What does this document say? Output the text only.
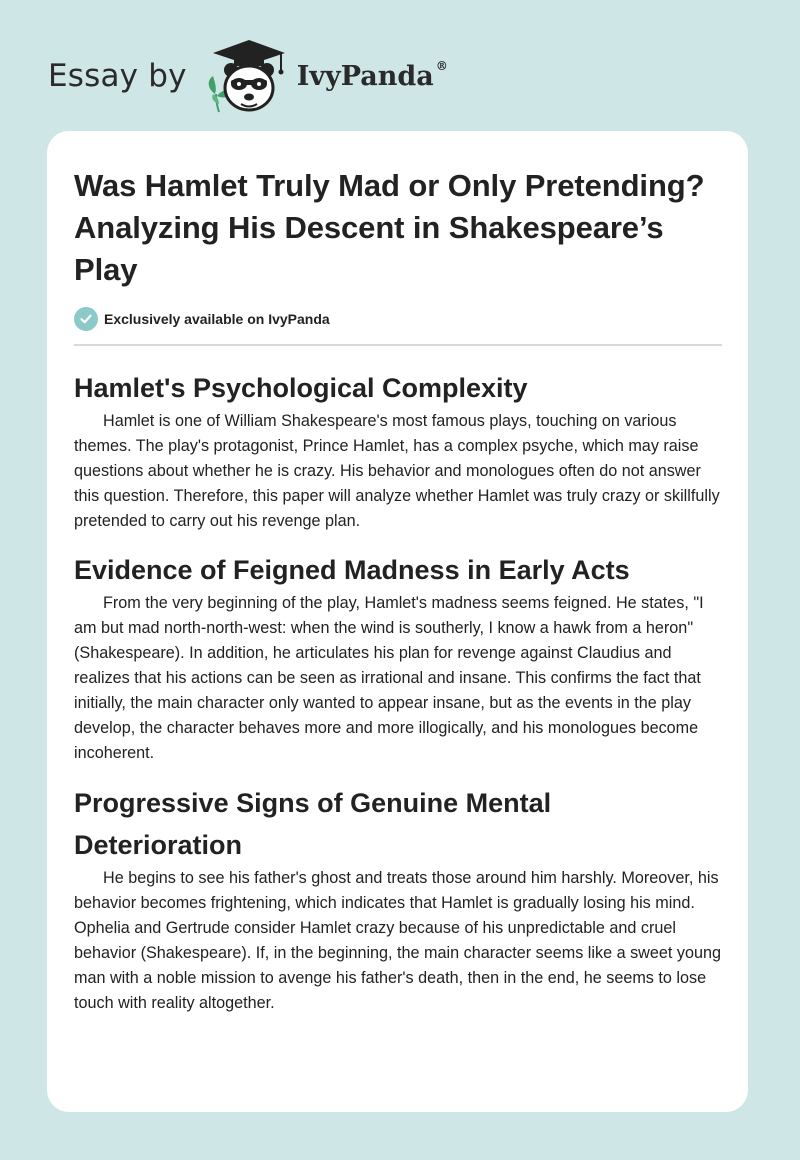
Essay by	IvyPanda ®
Was Hamlet Truly Mad or Only Pretending? Analyzing His Descent in Shakespeare’s Play
Exclusively available on IvyPanda
Hamlet's Psychological Complexity

Hamlet is one of William Shakespeare's most famous plays, touching on various themes. The play's protagonist, Prince Hamlet, has a complex psyche, which may raise questions about whether he is crazy. His behavior and monologues often do not answer this question. Therefore, this paper will analyze whether Hamlet was truly crazy or skillfully pretended to carry out his revenge plan.

Evidence of Feigned Madness in Early Acts

From the very beginning of the play, Hamlet's madness seems feigned. He states, "I am but mad north-north-west: when the wind is southerly, I know a hawk from a heron" (Shakespeare). In addition, he articulates his plan for revenge against Claudius and realizes that his actions can be seen as irrational and insane. This confirms the fact that initially, the main character only wanted to appear insane, but as the events in the play develop, the character behaves more and more illogically, and his monologues become incoherent.

Progressive Signs of Genuine Mental Deterioration

He begins to see his father's ghost and treats those around him harshly. Moreover, his behavior becomes frightening, which indicates that Hamlet is gradually losing his mind. Ophelia and Gertrude consider Hamlet crazy because of his unpredictable and cruel behavior (Shakespeare). If, in the beginning, the main character seems like a sweet young man with a noble mission to avenge his father's death, then in the end, he seems to lose touch with reality altogether.
